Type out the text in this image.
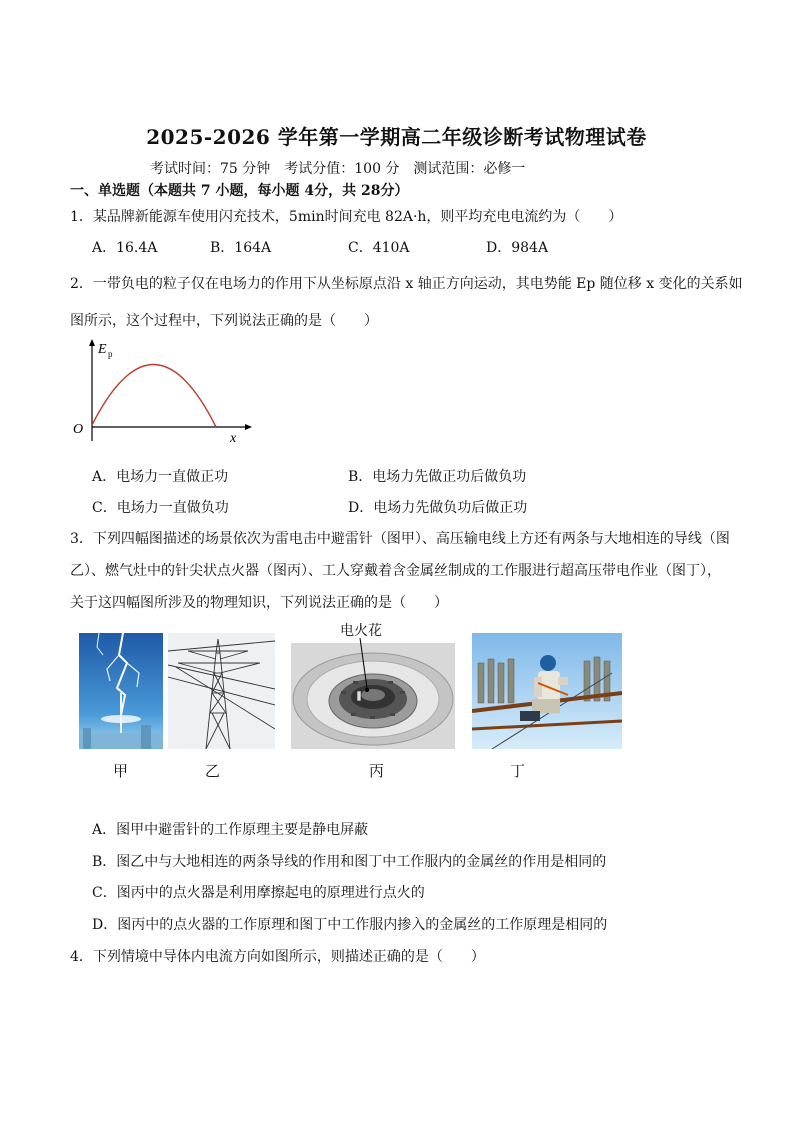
2025-2026 学年第一学期高二年级诊断考试物理试卷
考试时间：75 分钟　考试分值：100 分　测试范围：必修一
一、单选题（本题共 7 小题，每小题 4分，共 28分）
1．某品牌新能源车使用闪充技术，5min时间充电 82A·h，则平均充电电流约为（　　）
A．16.4A	B．164A	C．410A	D．984A
2．一带负电的粒子仅在电场力的作用下从坐标原点沿 x 轴正方向运动，其电势能 Ep 随位移 x 变化的关系如
图所示，这个过程中，下列说法正确的是（　　）
E p
O
x
A．电场力一直做正功	B．电场力先做正功后做负功
C．电场力一直做负功	D．电场力先做负功后做正功
3．下列四幅图描述的场景依次为雷电击中避雷针（图甲）、高压输电线上方还有两条与大地相连的导线（图
乙）、燃气灶中的针尖状点火器（图丙）、工人穿戴着含金属丝制成的工作服进行超高压带电作业（图丁），
关于这四幅图所涉及的物理知识，下列说法正确的是（　　）
电火花
甲	乙	丙	丁
A．图甲中避雷针的工作原理主要是静电屏蔽
B．图乙中与大地相连的两条导线的作用和图丁中工作服内的金属丝的作用是相同的
C．图丙中的点火器是利用摩擦起电的原理进行点火的
D．图丙中的点火器的工作原理和图丁中工作服内掺入的金属丝的工作原理是相同的
4．下列情境中导体内电流方向如图所示，则描述正确的是（　　）
